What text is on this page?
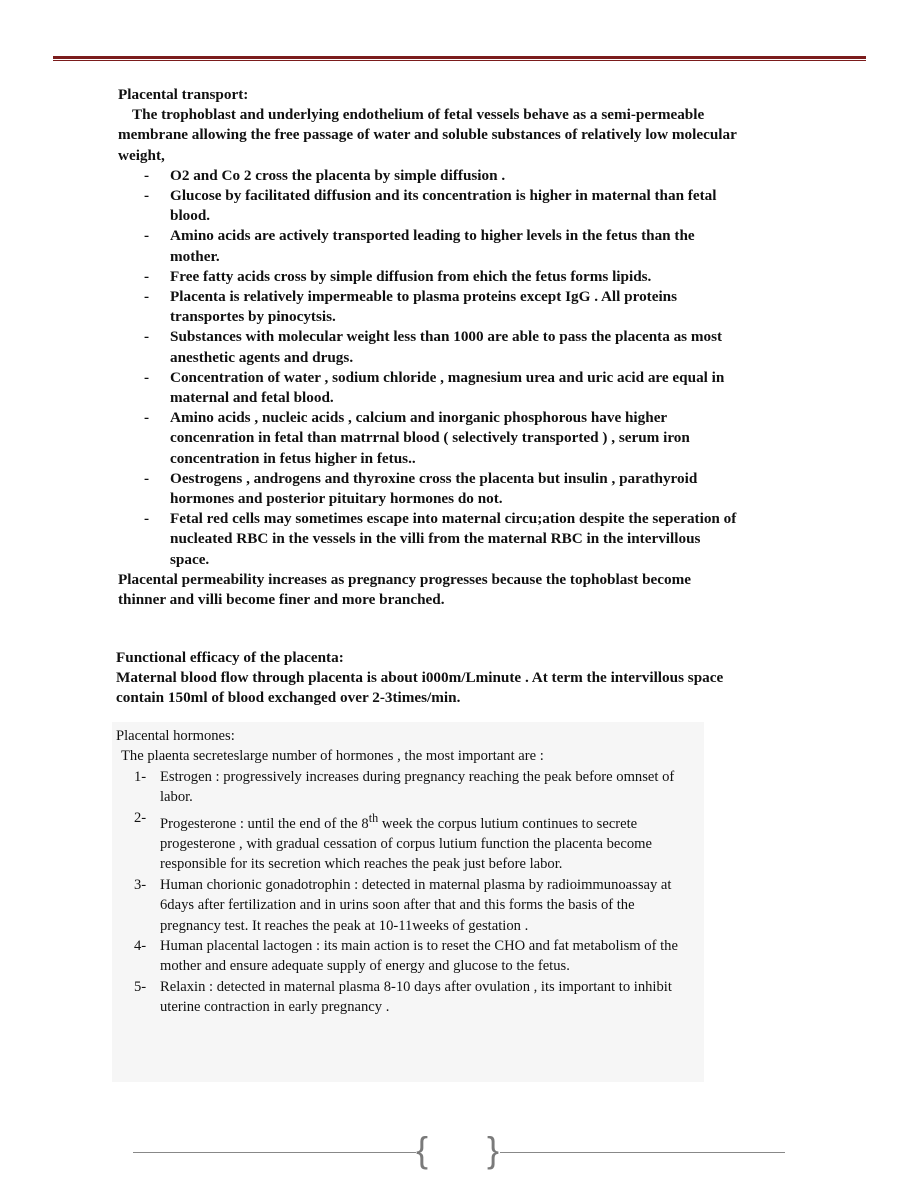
Placental transport:

The trophoblast and underlying endothelium of fetal vessels behave as a semi-permeable membrane allowing the free passage of water and soluble substances of relatively low molecular weight,

- O2 and Co 2 cross the placenta by simple diffusion .
- Glucose by facilitated diffusion and its concentration is higher in maternal than fetal blood.
- Amino acids are actively transported leading to higher levels in the fetus than the mother.
- Free fatty acids cross by simple diffusion from ehich the fetus forms lipids.
- Placenta is relatively impermeable to plasma proteins except IgG . All proteins transportes by pinocytsis.
- Substances with molecular weight less than 1000 are able to pass the placenta as most anesthetic agents and drugs.
- Concentration of water , sodium chloride , magnesium urea and uric acid are equal in maternal and fetal blood.
- Amino acids , nucleic acids , calcium and inorganic phosphorous have higher concenration in fetal than matrrnal blood ( selectively transported ) , serum iron concentration in fetus higher in fetus..
- Oestrogens , androgens and thyroxine cross the placenta but insulin , parathyroid hormones and posterior pituitary hormones do not.
- Fetal red cells may sometimes escape into maternal circu;ation despite the seperation of nucleated RBC in the vessels in the villi from the maternal RBC in the intervillous space.

Placental permeability increases as pregnancy progresses because the tophoblast become thinner and villi become finer and more branched.

Functional efficacy of the placenta:

Maternal blood flow through placenta is about i000m/Lminute . At term the intervillous space contain 150ml of blood exchanged over 2-3times/min.

Placental hormones:

The plaenta secreteslarge number of hormones , the most important are :

1- Estrogen : progressively increases during pregnancy reaching the peak before omnset of labor.
2- Progesterone : until the end of the 8th week the corpus lutium continues to secrete progesterone , with gradual cessation of corpus lutium function the placenta become responsible for its secretion which reaches the peak just before labor.
3- Human chorionic gonadotrophin : detected in maternal plasma by radioimmunoassay at 6days after fertilization and in urins soon after that and this forms the basis of the pregnancy test. It reaches the peak at 10-11weeks of gestation .
4- Human placental lactogen : its main action is to reset the CHO and fat metabolism of the mother and ensure adequate supply of energy and glucose to the fetus.
5- Relaxin : detected in maternal plasma 8-10 days after ovulation , its important to inhibit uterine contraction in early pregnancy .
{ }
